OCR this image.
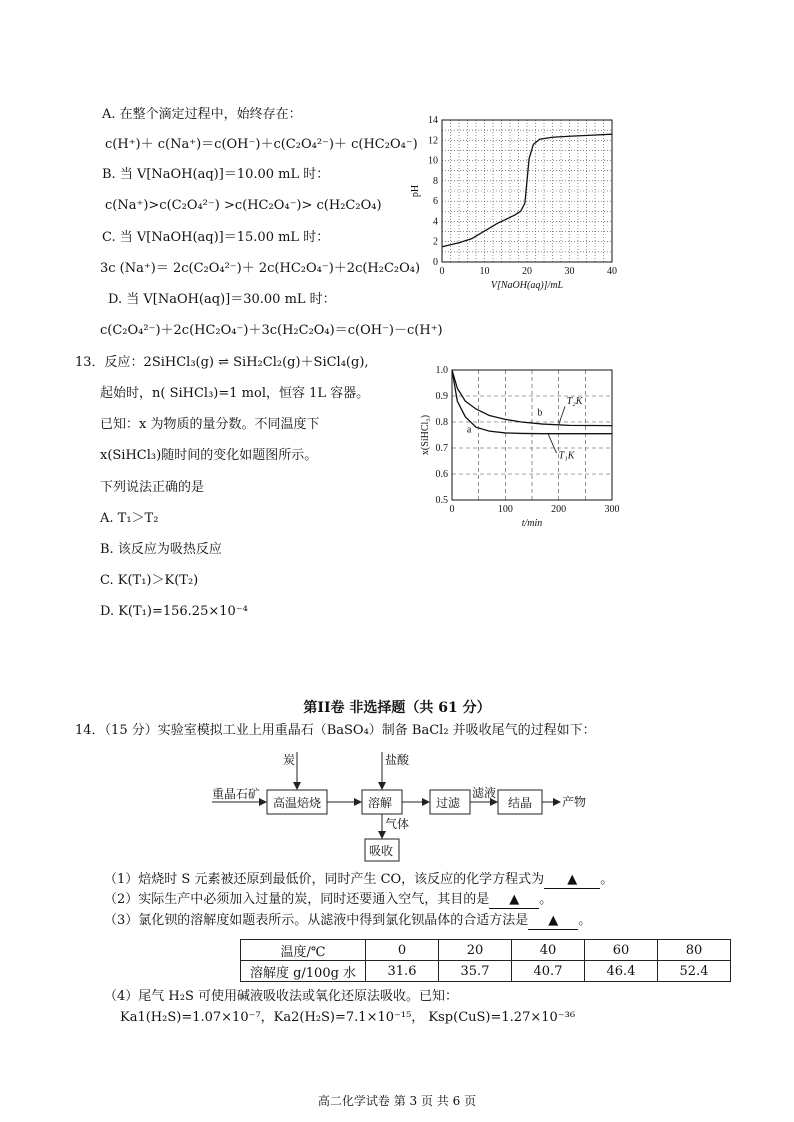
A. 在整个滴定过程中，始终存在：
c(H⁺)＋ c(Na⁺)＝c(OH⁻)＋c(C₂O₄²⁻)＋ c(HC₂O₄⁻)
B. 当 V[NaOH(aq)]＝10.00 mL 时：
c(Na⁺)>c(C₂O₄²⁻) >c(HC₂O₄⁻)> c(H₂C₂O₄)
C. 当 V[NaOH(aq)]＝15.00 mL 时：
3c (Na⁺)＝ 2c(C₂O₄²⁻)＋ 2c(HC₂O₄⁻)＋2c(H₂C₂O₄)
D. 当 V[NaOH(aq)]＝30.00 mL 时：
c(C₂O₄²⁻)＋2c(HC₂O₄⁻)＋3c(H₂C₂O₄)＝c(OH⁻)－c(H⁺)
0	10	20	30	40
0
2
4
6
8
10
12
14
V[NaOH(aq)]/mL
pH
13．反应：2SiHCl₃(g) ⇌ SiH₂Cl₂(g)＋SiCl₄(g),
起始时，n( SiHCl₃)=1 mol，恒容 1L 容器。
已知：x 为物质的量分数。不同温度下
x(SiHCl₃)随时间的变化如题图所示。
下列说法正确的是
A. T₁＞T₂
B. 该反应为吸热反应
C. K(T₁)＞K(T₂)
D. K(T₁)=156.25×10⁻⁴
0	100	200	300
0.5
0.6
0.7
0.8
0.9
1.0
t/min
x(SiHCl₃)
b
a
T₂K
T₁K
第II卷 非选择题（共 61 分）
14．（15 分）实验室模拟工业上用重晶石（BaSO₄）制备 BaCl₂ 并吸收尾气的过程如下：
重晶石矿
炭	盐酸
高温焙烧	溶解	过滤
滤液
结晶 产物
气体
吸收
（1）焙烧时 S 元素被还原到最低价，同时产生 CO，该反应的化学方程式为 ▲ 。
（2）实际生产中必须加入过量的炭，同时还要通入空气，其目的是 ▲ 。
（3）氯化钡的溶解度如题表所示。从滤液中得到氯化钡晶体的合适方法是 ▲ 。
温度/℃	0	20	40	60	80
溶解度 g/100g 水	31.6	35.7	40.7	46.4	52.4
（4）尾气 H₂S 可使用碱液吸收法或氧化还原法吸收。已知：
Ka1(H₂S)=1.07×10⁻⁷，Ka2(H₂S)=7.1×10⁻¹⁵， Ksp(CuS)=1.27×10⁻³⁶
高二化学试卷 第 3 页 共 6 页
